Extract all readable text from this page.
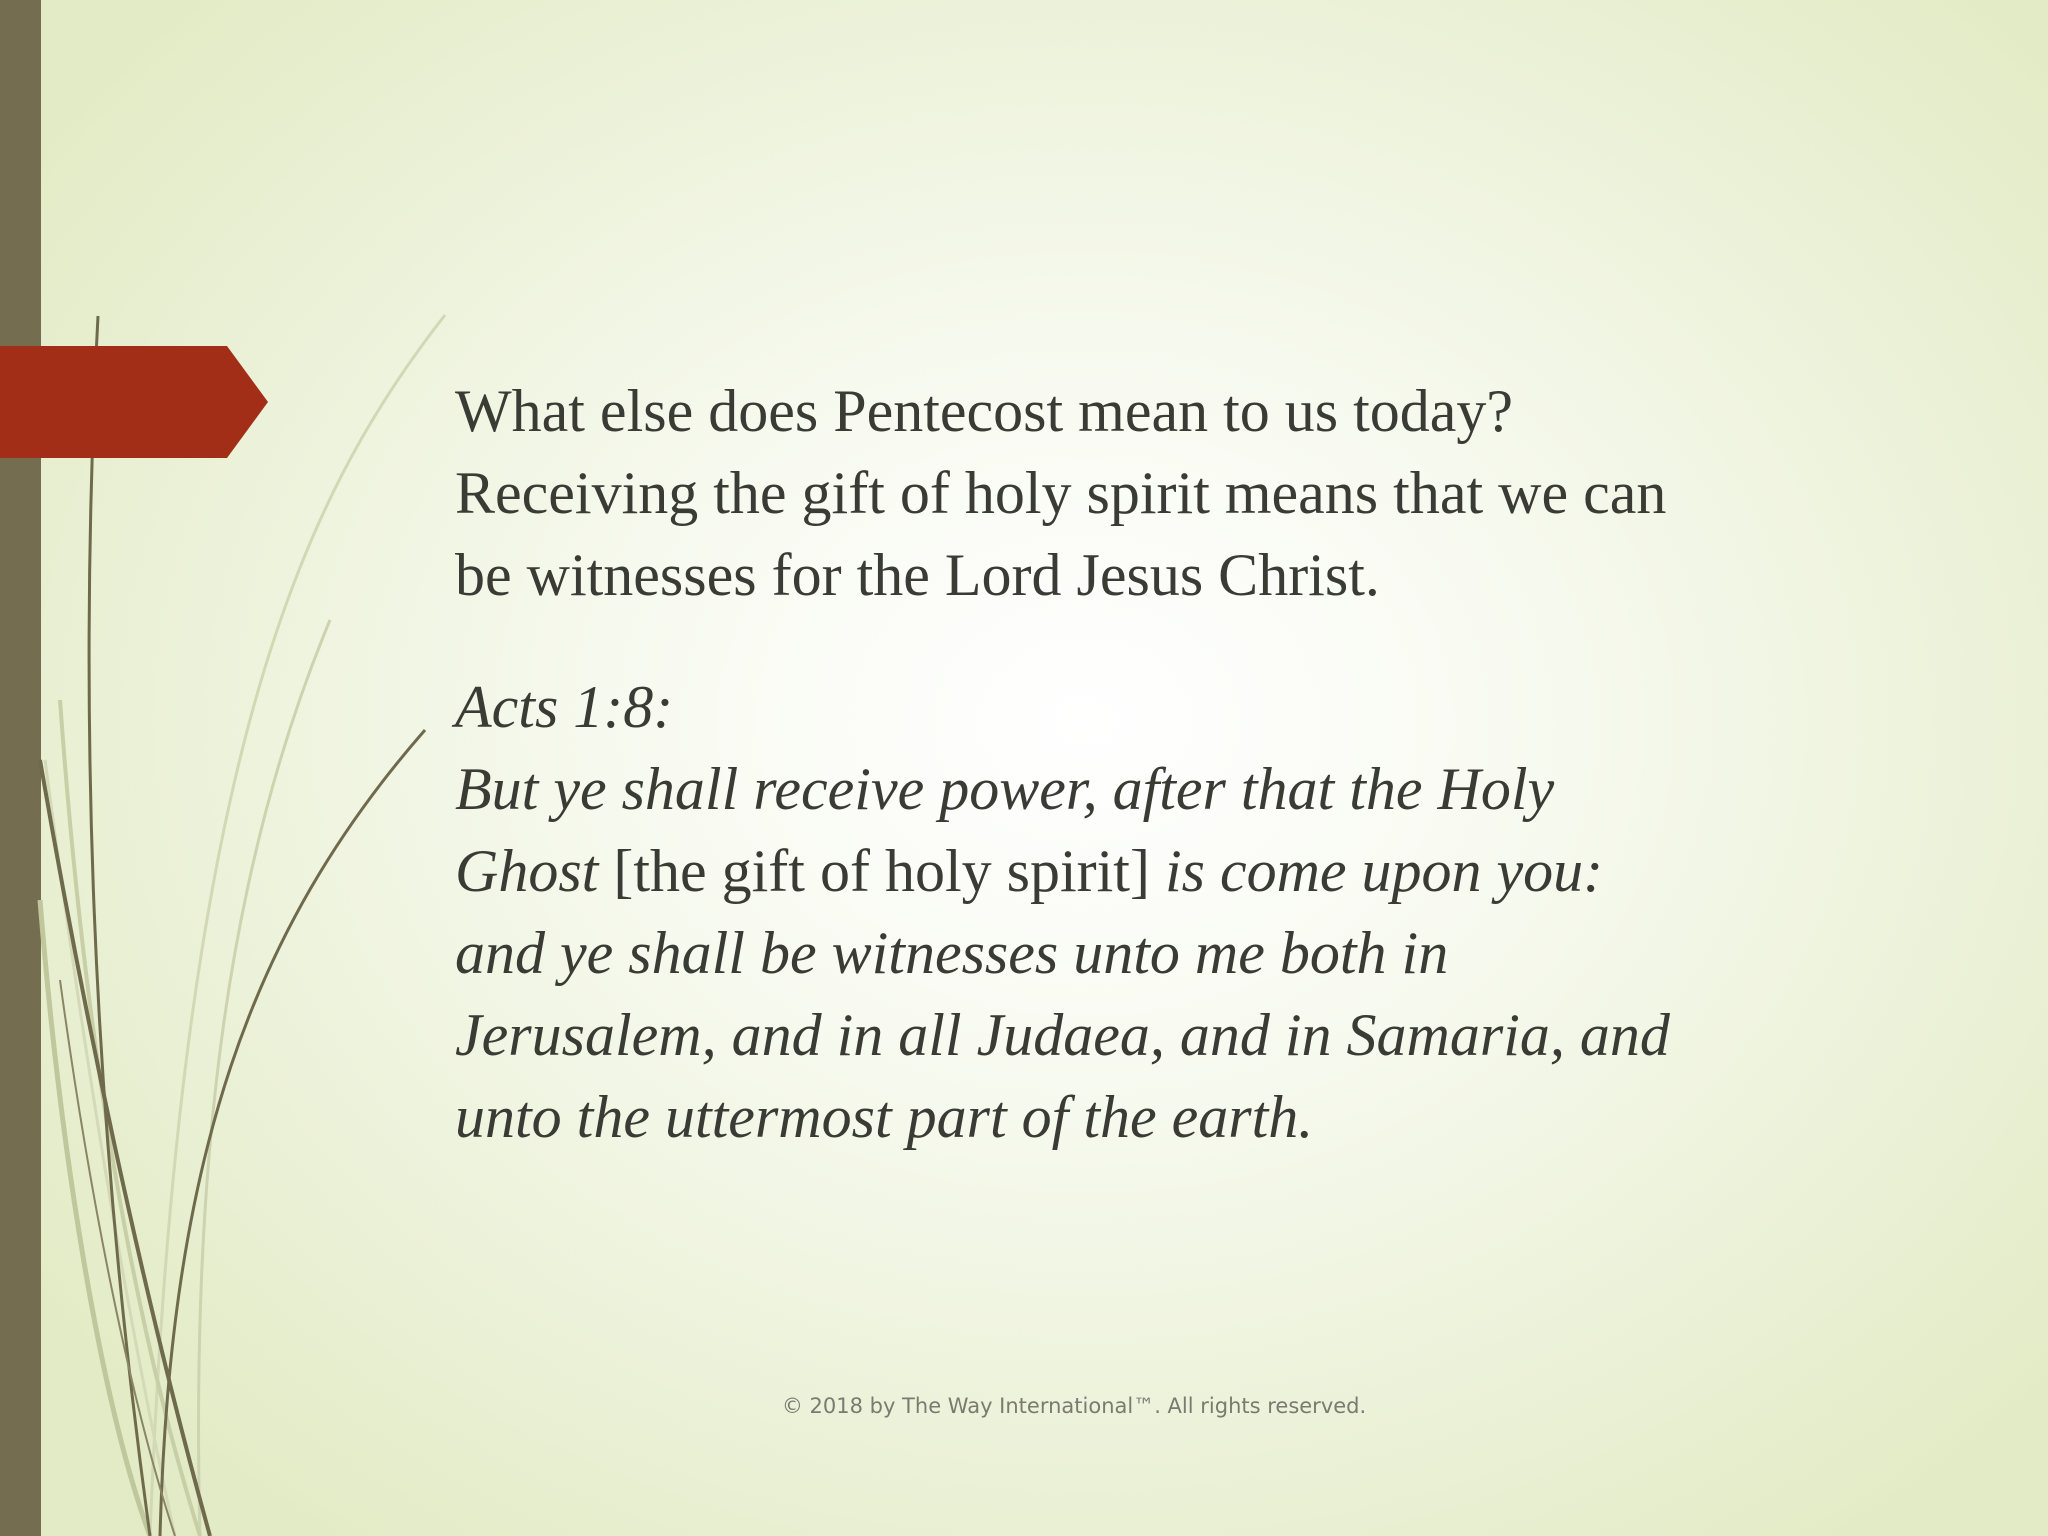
What else does Pentecost mean to us today?
Receiving the gift of holy spirit means that we can
be witnesses for the Lord Jesus Christ.

Acts 1:8:
But ye shall receive power, after that the Holy
Ghost [the gift of holy spirit] is come upon you:
and ye shall be witnesses unto me both in
Jerusalem, and in all Judaea, and in Samaria, and
unto the uttermost part of the earth.

© 2018 by The Way International™. All rights reserved.
